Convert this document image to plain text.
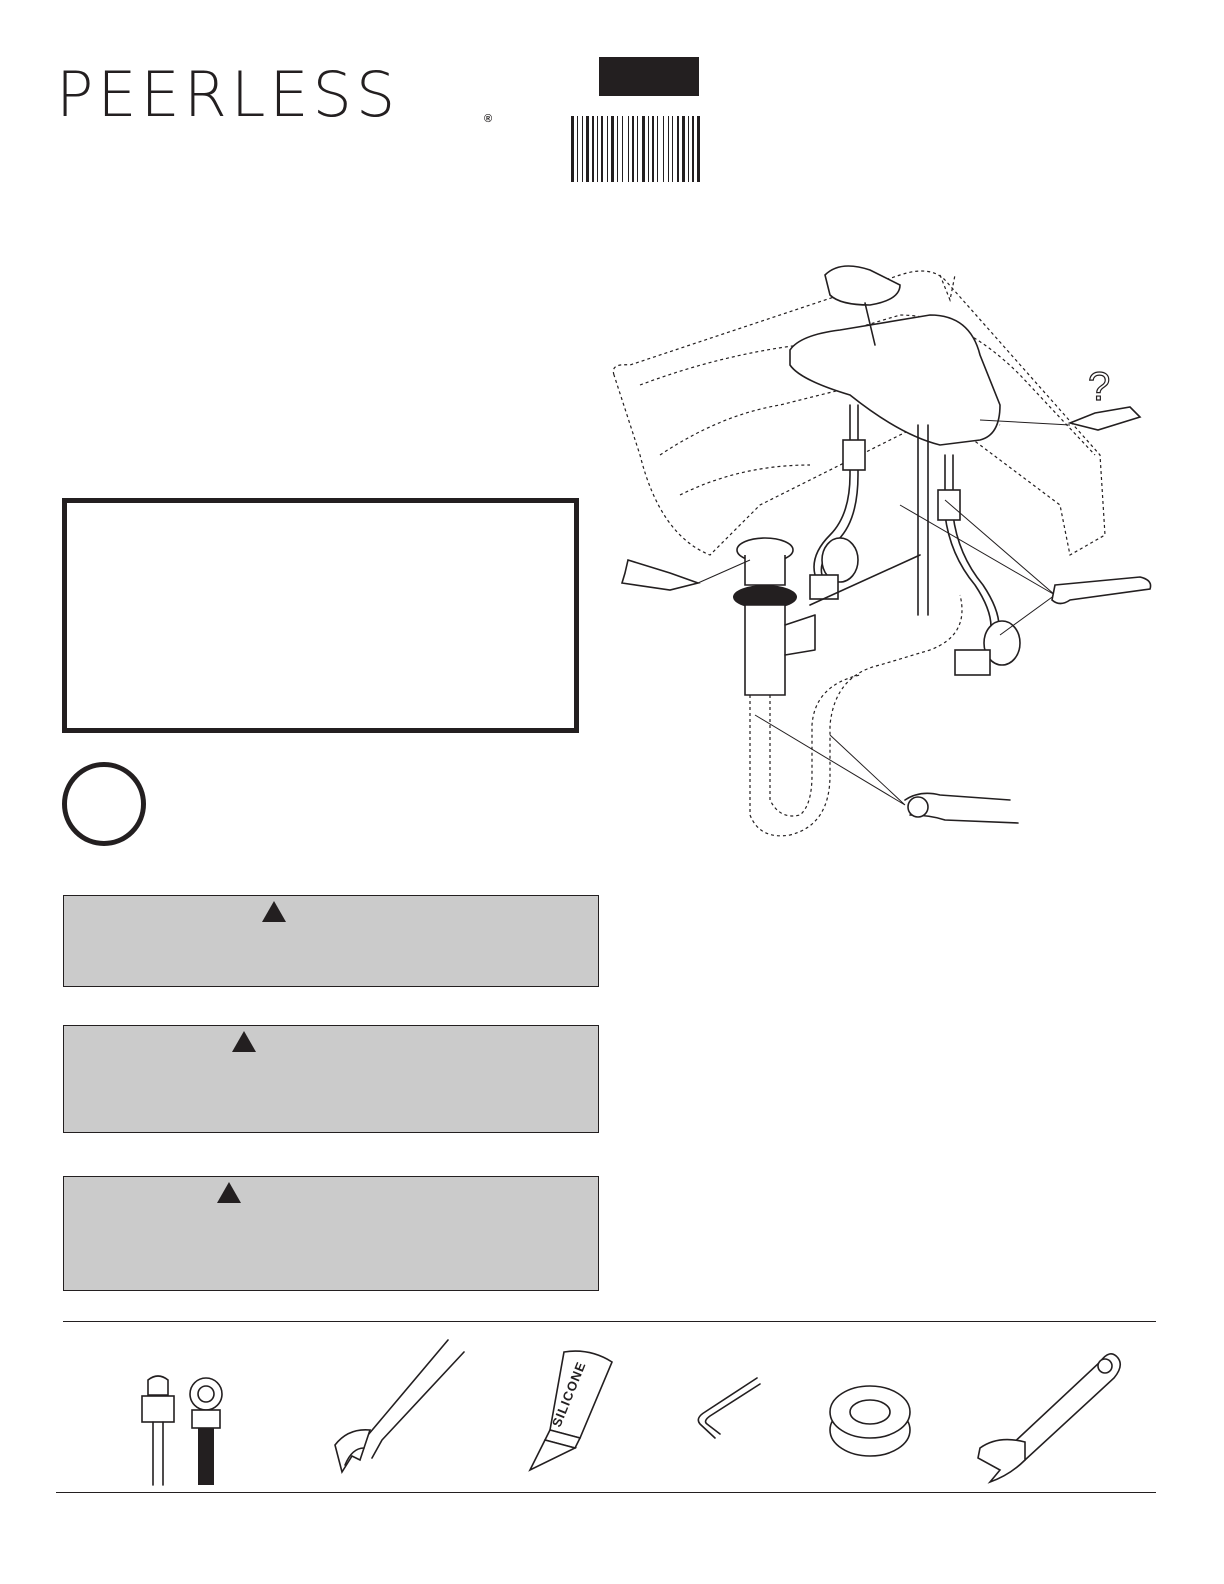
PEERLESS	®
?
SILICONE
